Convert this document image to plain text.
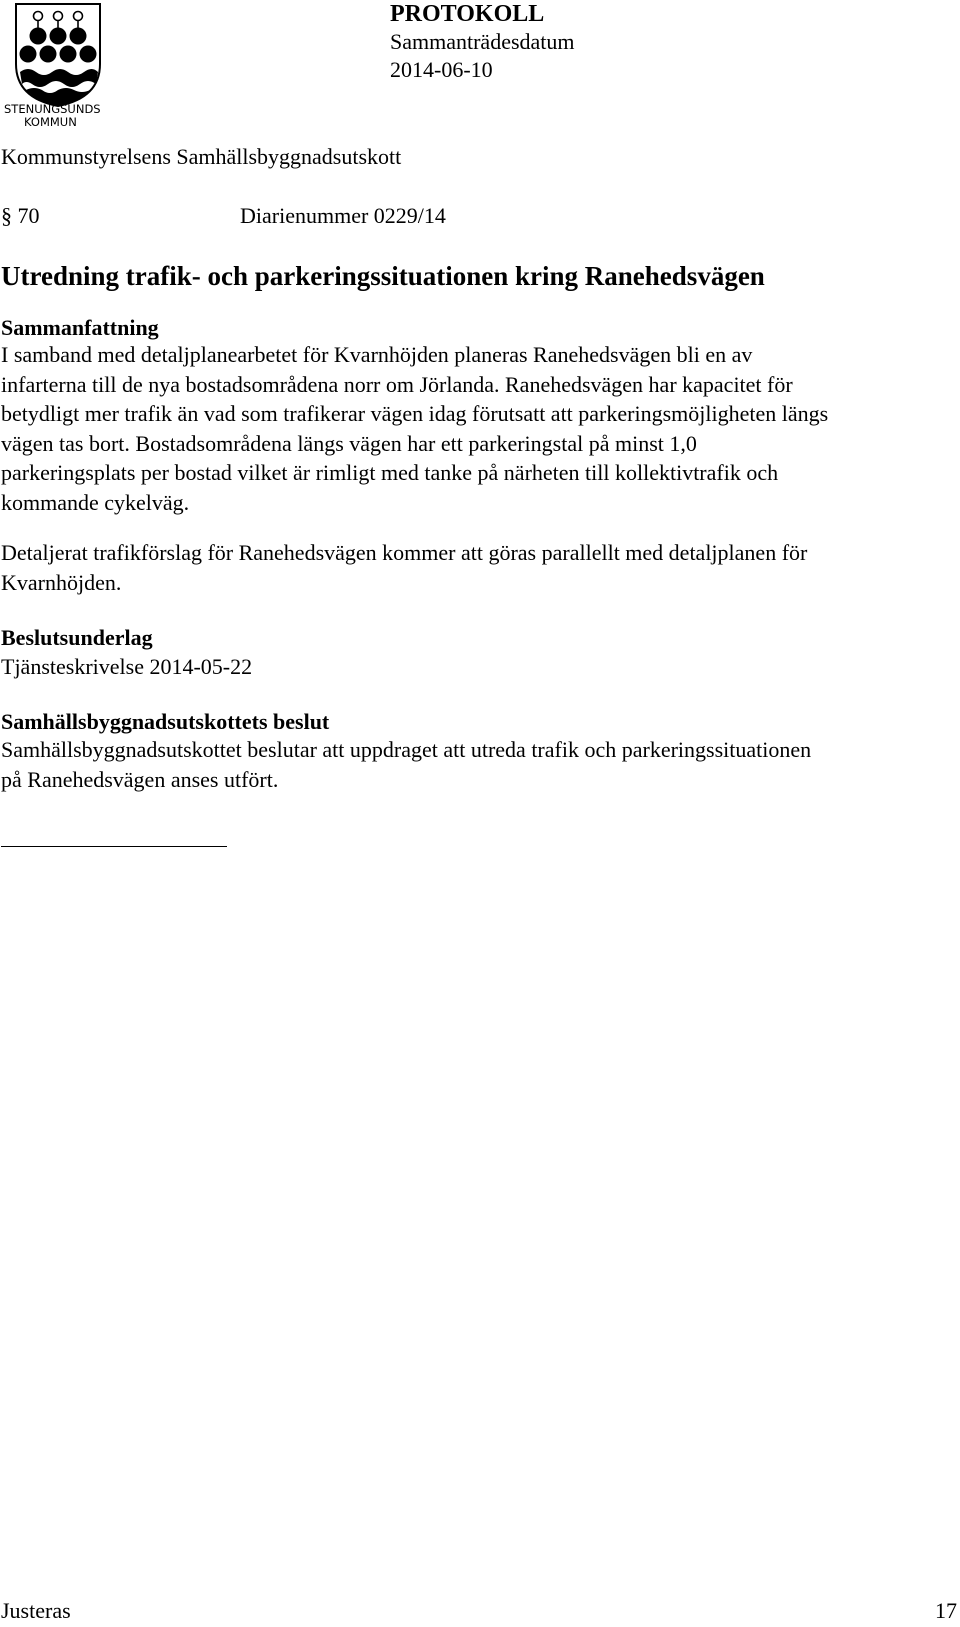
STENUNGSUNDS
KOMMUN
PROTOKOLL
Sammanträdesdatum
2014-06-10
Kommunstyrelsens Samhällsbyggnadsutskott
§ 70	Diarienummer 0229/14
Utredning trafik- och parkeringssituationen kring Ranehedsvägen
Sammanfattning
I samband med detaljplanearbetet för Kvarnhöjden planeras Ranehedsvägen bli en av
infarterna till de nya bostadsområdena norr om Jörlanda. Ranehedsvägen har kapacitet för
betydligt mer trafik än vad som trafikerar vägen idag förutsatt att parkeringsmöjligheten längs
vägen tas bort. Bostadsområdena längs vägen har ett parkeringstal på minst 1,0
parkeringsplats per bostad vilket är rimligt med tanke på närheten till kollektivtrafik och
kommande cykelväg.
Detaljerat trafikförslag för Ranehedsvägen kommer att göras parallellt med detaljplanen för
Kvarnhöjden.
Beslutsunderlag
Tjänsteskrivelse 2014-05-22
Samhällsbyggnadsutskottets beslut
Samhällsbyggnadsutskottet beslutar att uppdraget att utreda trafik och parkeringssituationen
på Ranehedsvägen anses utfört.
Justeras	17
